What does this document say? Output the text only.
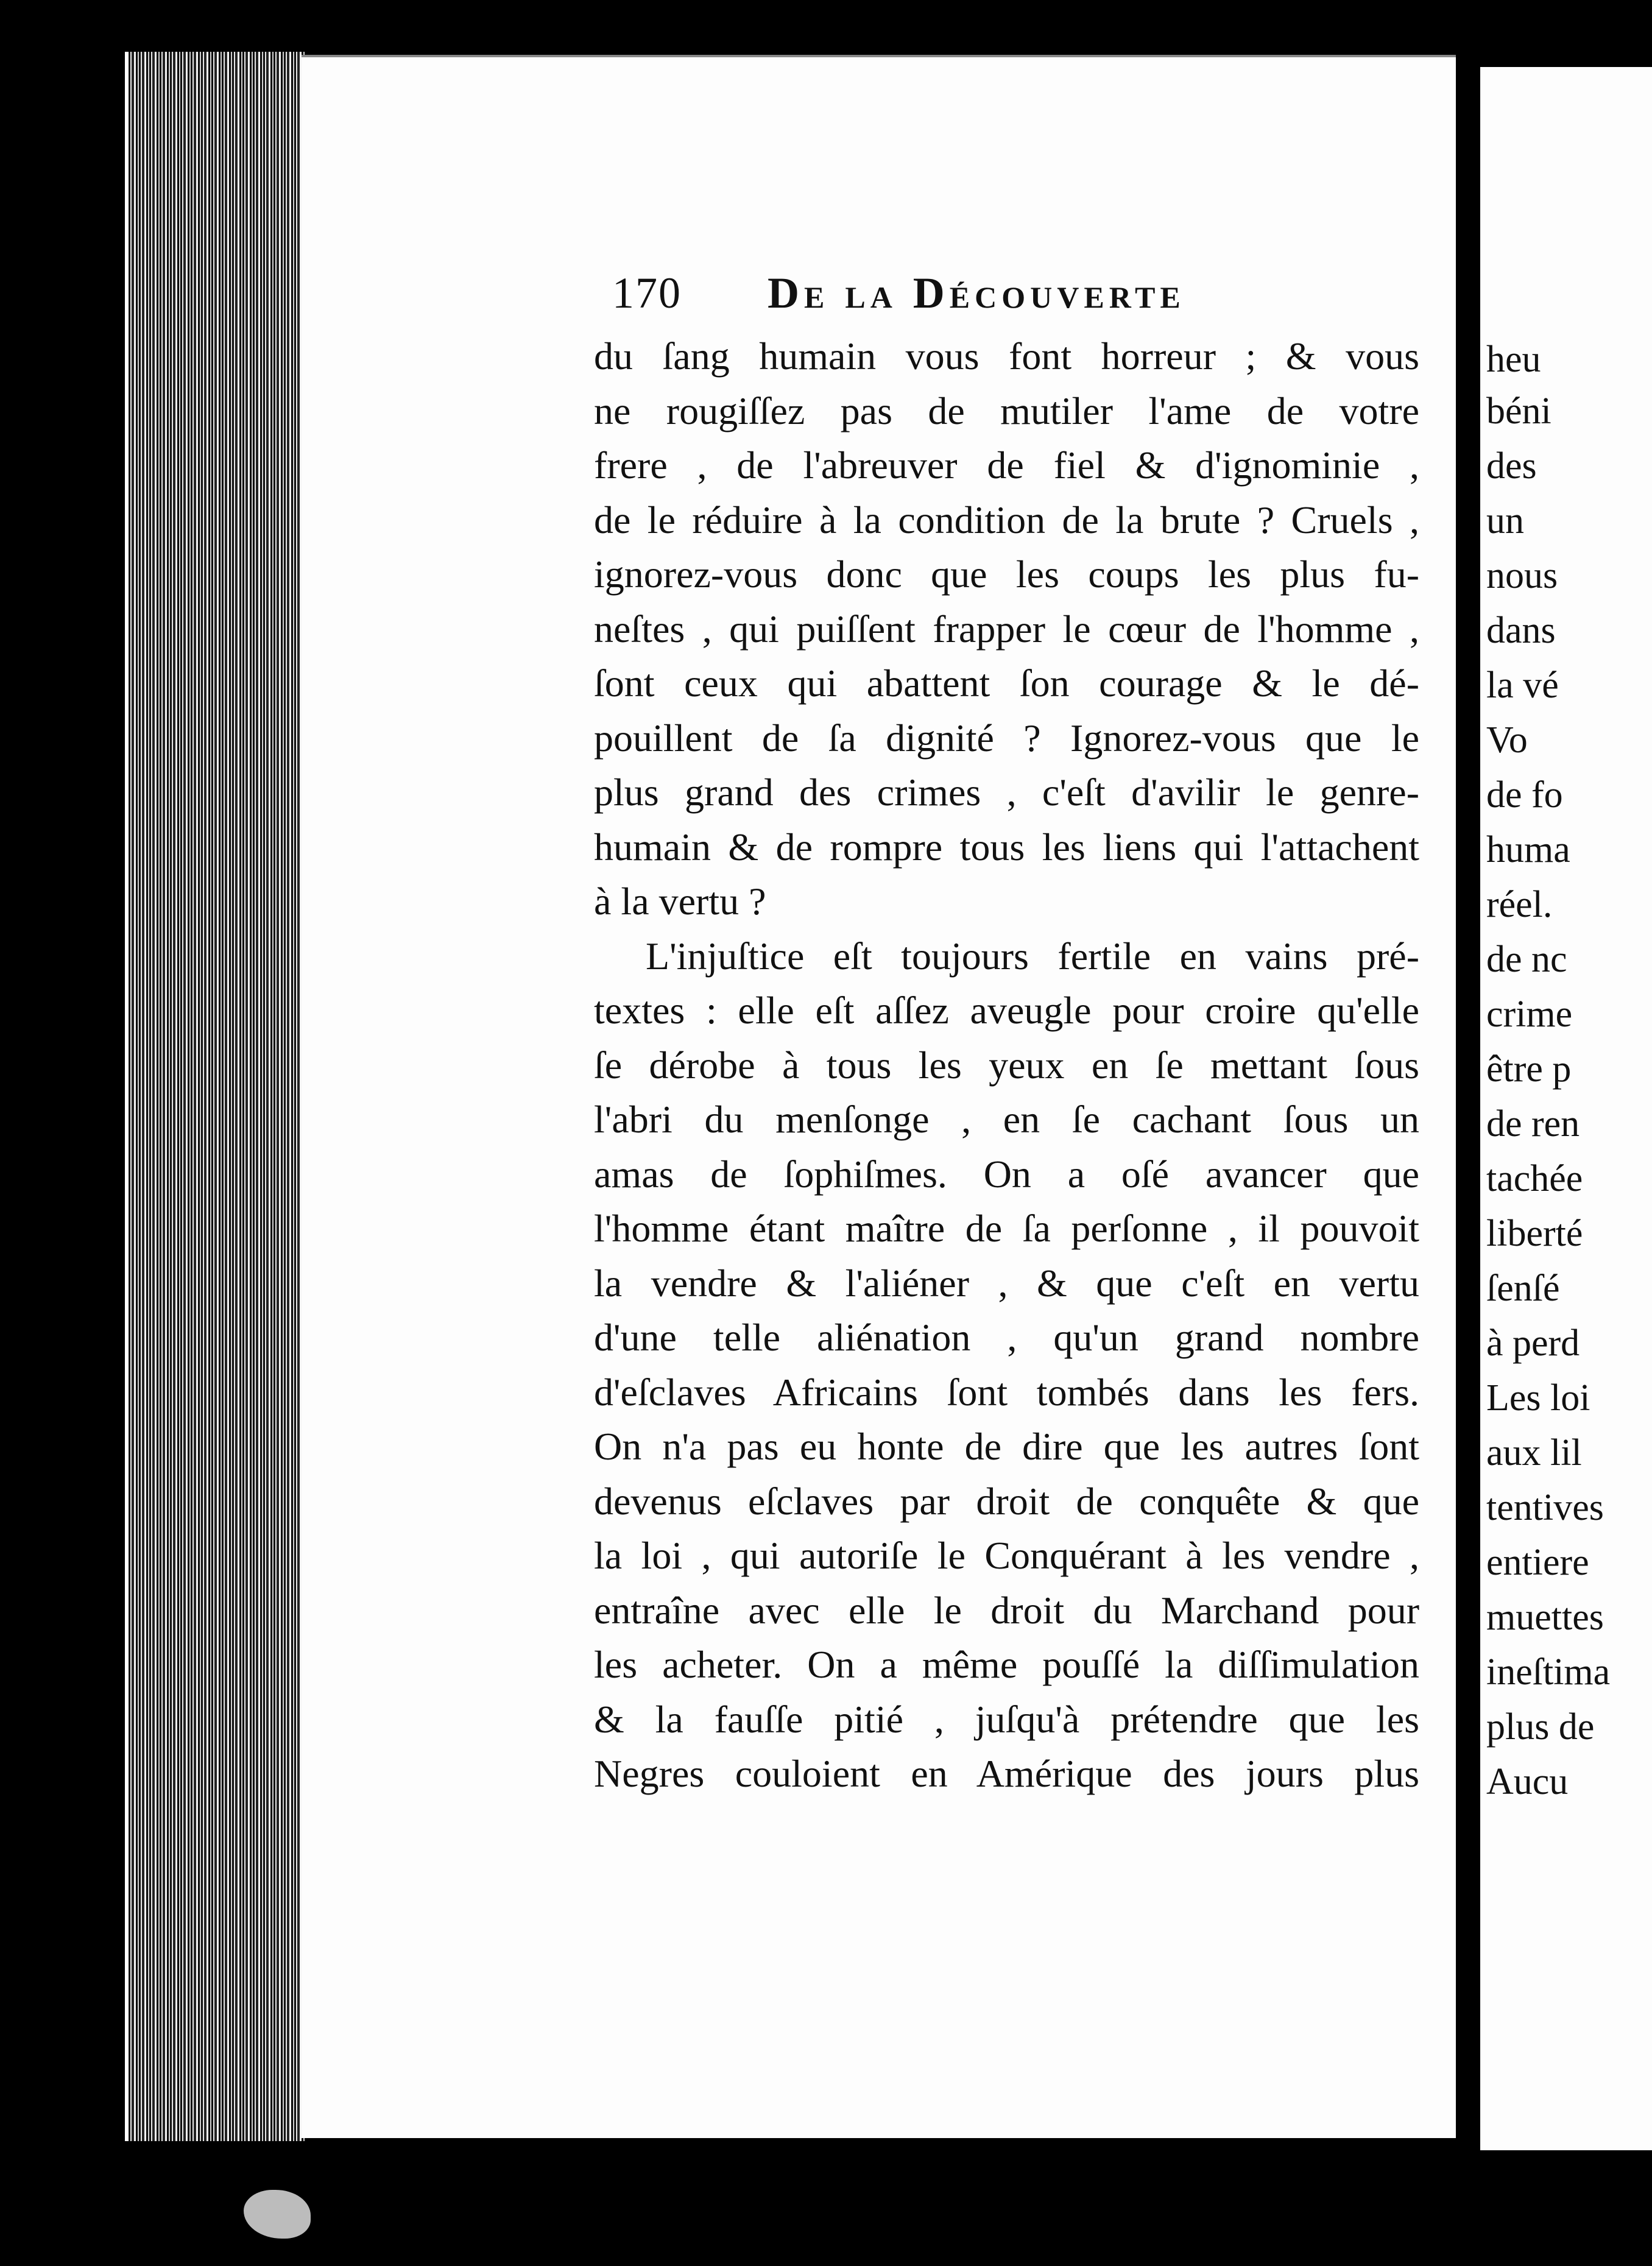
170 De la Découverte
du ſang humain vous font horreur ; & vous
ne rougiſſez pas de mutiler l'ame de votre
frere , de l'abreuver de fiel & d'ignominie ,
de le réduire à la condition de la brute ? Cruels ,
ignorez-vous donc que les coups les plus fu-
neſtes , qui puiſſent frapper le cœur de l'homme ,
ſont ceux qui abattent ſon courage & le dé-
pouillent de ſa dignité ? Ignorez-vous que le
plus grand des crimes , c'eſt d'avilir le genre-
humain & de rompre tous les liens qui l'attachent
à la vertu ?
L'injuſtice eſt toujours fertile en vains pré-
textes : elle eſt aſſez aveugle pour croire qu'elle
ſe dérobe à tous les yeux en ſe mettant ſous
l'abri du menſonge , en ſe cachant ſous un
amas de ſophiſmes. On a oſé avancer que
l'homme étant maître de ſa perſonne , il pouvoit
la vendre & l'aliéner , & que c'eſt en vertu
d'une telle aliénation , qu'un grand nombre
d'eſclaves Africains ſont tombés dans les fers.
On n'a pas eu honte de dire que les autres ſont
devenus eſclaves par droit de conquête & que
la loi , qui autoriſe le Conquérant à les vendre ,
entraîne avec elle le droit du Marchand pour
les acheter. On a même pouſſé la diſſimulation
& la fauſſe pitié , juſqu'à prétendre que les
Negres couloient en Amérique des jours plus
heu
béni
des
un
nous
dans
la vé
Vo
de fo
huma
réel.
de nc
crime
être p
de ren
tachée
liberté
ſenſé
à perd
Les loi
aux lil
tentives
entiere
muettes
ineſtima
plus de
Aucu
